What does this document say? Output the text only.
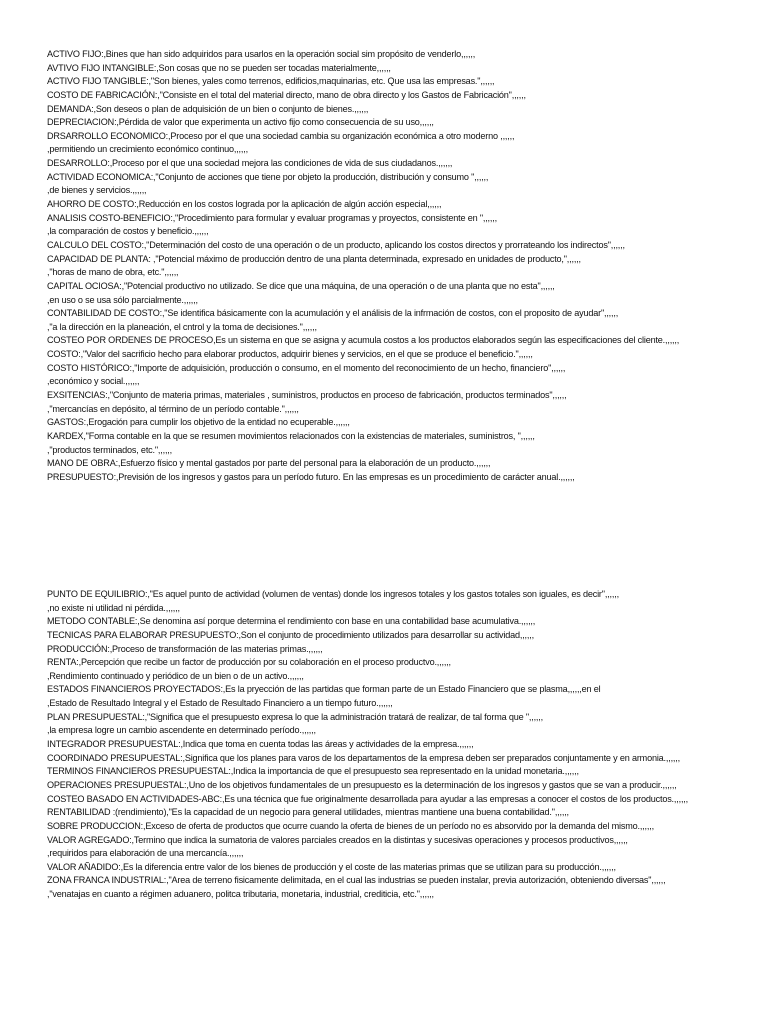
ACTIVO FIJO:,Bines que han sido adquiridos para usarlos en la operación social sim propósito de venderlo,,,,,,
AVTIVO FIJO INTANGIBLE:,Son cosas que no se pueden ser tocadas materialmente,,,,,,
ACTIVO FIJO TANGIBLE:,"Son bienes, yales como terrenos, edificios,maquinarias, etc. Que usa las empresas.",,,,,,
COSTO DE FABRICACIÓN:,"Consiste en el total del material directo, mano de obra directo y los Gastos de Fabricación",,,,,,
DEMANDA:,Son deseos o plan de adquisición de un bien o conjunto de bienes.,,,,,,
DEPRECIACION:,Pérdida de valor que experimenta un activo fijo como consecuencia de su uso,,,,,,
DRSARROLLO ECONOMICO:,Proceso por el que una sociedad cambia su organización económica a otro moderno ,,,,,,
,permitiendo un crecimiento económico continuo,,,,,,
DESARROLLO:,Proceso por el que una sociedad mejora las condiciones de vida de sus ciudadanos.,,,,,,
ACTIVIDAD ECONOMICA:,"Conjunto de acciones que tiene por objeto la producción, distribución y consumo ",,,,,,
,de bienes y servicios.,,,,,,
AHORRO DE COSTO:,Reducción en los costos lograda por la aplicación de algún acción especial,,,,,,
ANALISIS COSTO-BENEFICIO:,"Procedimiento para formular y evaluar programas y proyectos, consistente en ",,,,,,
,la comparación de costos y beneficio.,,,,,,
CALCULO DEL COSTO:,"Determinación del costo de una operación o de un producto, aplicando los costos directos y prorrateando los indirectos",,,,,,
CAPACIDAD DE PLANTA: ,"Potencial máximo de producción dentro de una planta determinada, expresado en unidades de producto,",,,,,,
,"horas de mano de obra, etc.",,,,,,
CAPITAL OCIOSA:,"Potencial productivo no utilizado. Se dice que una máquina, de una operación o de una planta que no esta",,,,,,
,en uso o se usa sólo parcialmente.,,,,,,
CONTABILIDAD DE COSTO:,"Se identifica básicamente con la acumulación y el análisis de la infrmación de costos, con el proposito de ayudar",,,,,,
,"a la dirección en la planeación, el cntrol y la toma de decisiones.",,,,,,
COSTEO POR ORDENES DE PROCESO,Es un sistema en que se asigna y acumula costos a los productos elaborados según las especificaciones del cliente.,,,,,,
COSTO:,"Valor del sacrificio hecho para elaborar productos, adquirir bienes y servicios, en el que se produce el beneficio.",,,,,,
COSTO HISTÓRICO:,"Importe de adquisición, producción o consumo, en el momento del reconocimiento de un hecho, financiero",,,,,,
,económico y social.,,,,,,
EXSITENCIAS:,"Conjunto de materia primas, materiales , suministros, productos en proceso de fabricación, productos terminados",,,,,,
,"mercancías en depósito, al término de un período contable.",,,,,,
GASTOS:,Erogación para cumplir los objetivo de la entidad no ecuperable.,,,,,,
KARDEX,"Forma contable en la que se resumen movimientos relacionados con la existencias de materiales, suministros, ",,,,,,
,"productos terminados, etc.",,,,,,
MANO DE OBRA:,Esfuerzo físico y mental gastados por parte del personal para la elaboración de un producto.,,,,,,
PRESUPUESTO:,Previsión de los ingresos y gastos para un período futuro. En las empresas es un procedimiento de carácter anual.,,,,,,
PUNTO DE EQUILIBRIO:,"Es aquel punto de actividad (volumen de ventas) donde los ingresos totales y los gastos totales son iguales, es decir",,,,,,
,no existe ni utilidad ni pérdida.,,,,,,
METODO CONTABLE:,Se denomina así porque determina el rendimiento con base en una contabilidad base acumulativa.,,,,,,
TECNICAS PARA ELABORAR PRESUPUESTO:,Son el conjunto de procedimiento utilizados para desarrollar su actividad,,,,,,
PRODUCCIÓN:,Proceso de transformación de las materias primas.,,,,,,
RENTA:,Percepción que recibe un factor de producción por su colaboración en el proceso productvo.,,,,,,
,Rendimiento continuado y periódico de un bien o de un activo.,,,,,,
ESTADOS FINANCIEROS PROYECTADOS:,Es la pryección de las partidas que forman parte de un Estado Financiero que se plasma,,,,,,en el
,Estado de Resultado Integral y el Estado de Resultado Financiero a un tiempo futuro.,,,,,,
PLAN PRESUPUESTAL:,"Significa que el presupuesto expresa lo que la administración tratará de realizar, de tal forma que ",,,,,,
,la empresa logre un cambio ascendente en determinado período.,,,,,,
INTEGRADOR PRESUPUESTAL:,Indica que toma en cuenta todas las áreas y actividades de la empresa.,,,,,,
COORDINADO PRESUPUESTAL:,Significa que los planes para varos de los departamentos de la empresa deben ser preparados conjuntamente y en armonia.,,,,,,
TERMINOS FINANCIEROS PRESUPUESTAL:,Indica la importancia de que el presupuesto sea representado en la unidad monetaria.,,,,,,
OPERACIONES PRESUPUESTAL:,Uno de los objetivos fundamentales de un presupuesto es la determinación de los ingresos y gastos que se van a producir.,,,,,,
COSTEO BASADO EN ACTIVIDADES-ABC:,Es una técnica que fue originalmente desarrollada para ayudar a las empresas a conocer el costos de los productos.,,,,,,
RENTABILIDAD :(rendimiento),"Es la capacidad de un negocio para general utilidades, mientras mantiene una buena contabilidad.",,,,,,
SOBRE PRODUCCION:,Exceso de oferta de productos que ocurre cuando la oferta de bienes de un período no es absorvido por la demanda del mismo.,,,,,,
VALOR AGREGADO:,Termino que indica la sumatoria de valores parciales creados en la distintas y sucesivas operaciones y procesos productivos,,,,,,
,requiridos para elaboración de una mercancía.,,,,,,
VALOR AÑADIDO:,Es la diferencia entre valor de los bienes de producción y el coste de las materias primas que se utilizan para su producción.,,,,,,
ZONA FRANCA INDUSTRIAL:,"Area de terreno fisicamente delimitada, en el cual las industrias se pueden instalar, previa autorización, obteniendo diversas",,,,,,
,"venatajas en cuanto a régimen aduanero, politca tributaria, monetaria, industrial, crediticia, etc.",,,,,,
